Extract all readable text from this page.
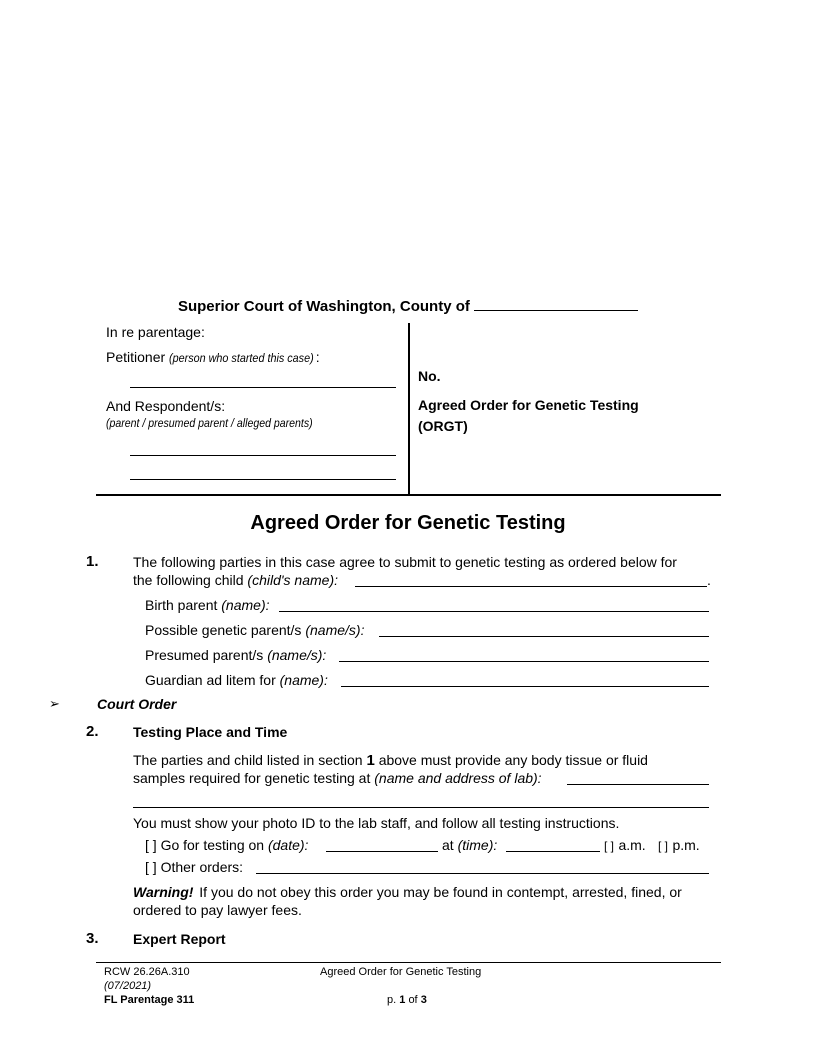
Superior Court of Washington, County of
In re parentage:
Petitioner (person who started this case) :
And Respondent/s:
(parent / presumed parent / alleged parents)
No.
Agreed Order for Genetic Testing
(ORGT)
Agreed Order for Genetic Testing
1. The following parties in this case agree to submit to genetic testing as ordered below for
the following child (child's name):	.
Birth parent (name):
Possible genetic parent/s (name/s):
Presumed parent/s (name/s):
Guardian ad litem for (name):
➢	Court Order
2. Testing Place and Time
The parties and child listed in section 1 above must provide any body tissue or fluid
samples required for genetic testing at (name and address of lab):
You must show your photo ID to the lab staff, and follow all testing instructions.
[ ] Go for testing on (date):	at (time):	[ ] a.m. [ ] p.m.
[ ] Other orders:
Warning! If you do not obey this order you may be found in contempt, arrested, fined, or
ordered to pay lawyer fees.
3. Expert Report
RCW 26.26A.310
(07/2021)
FL Parentage 311
Agreed Order for Genetic Testing
p. 1 of 3
